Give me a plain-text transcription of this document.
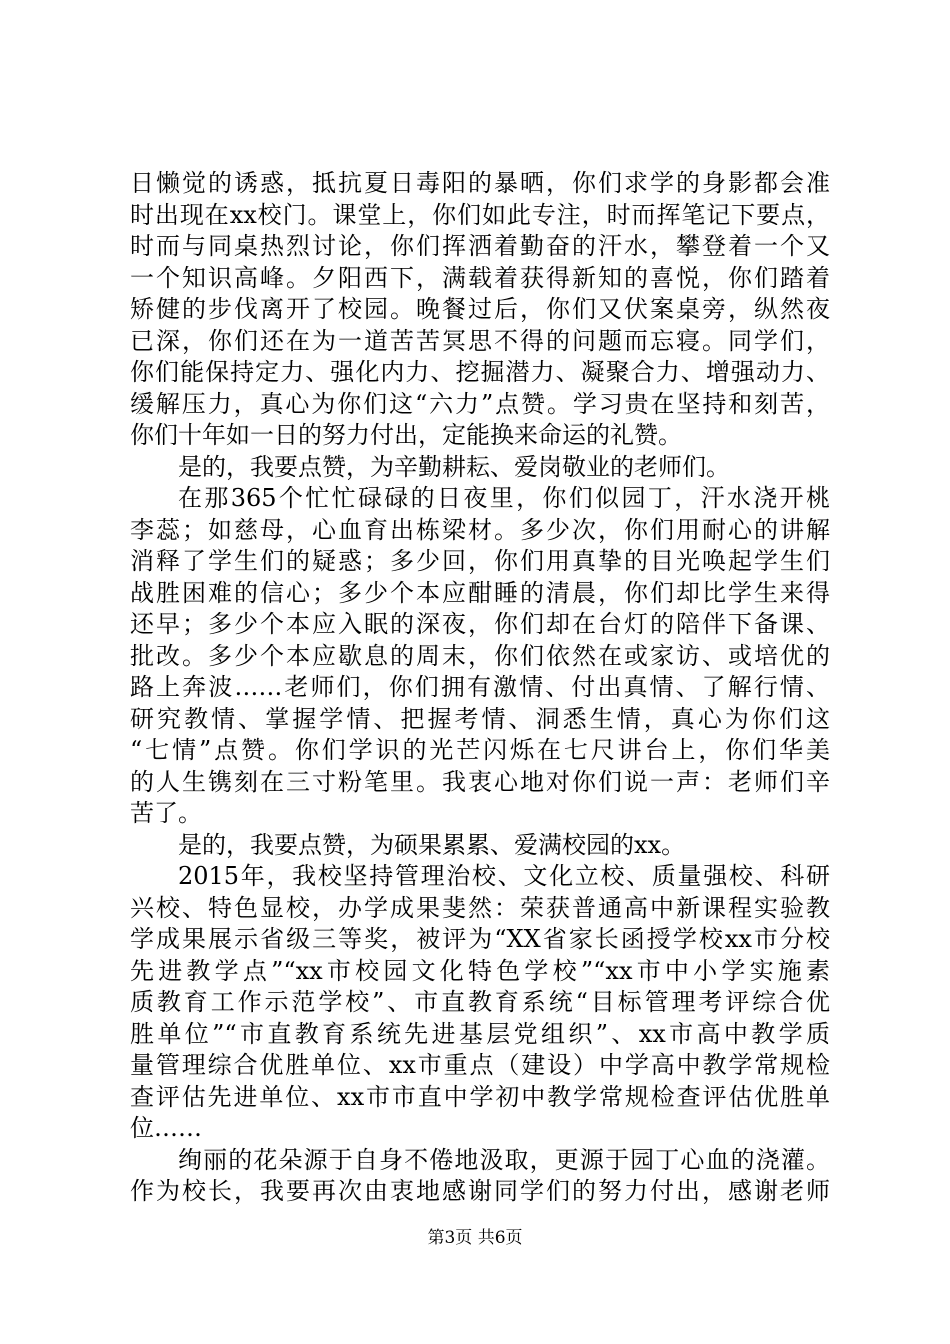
日懒觉的诱惑，抵抗夏日毒阳的暴晒，你们求学的身影都会准
时出现在xx校门。课堂上，你们如此专注，时而挥笔记下要点，
时而与同桌热烈讨论，你们挥洒着勤奋的汗水，攀登着一个又
一个知识高峰。夕阳西下，满载着获得新知的喜悦，你们踏着
矫健的步伐离开了校园。晚餐过后，你们又伏案桌旁，纵然夜
已深，你们还在为一道苦苦冥思不得的问题而忘寝。同学们，
你们能保持定力、强化内力、挖掘潜力、凝聚合力、增强动力、
缓解压力，真心为你们这“六力”点赞。学习贵在坚持和刻苦，
你们十年如一日的努力付出，定能换来命运的礼赞。
是的，我要点赞，为辛勤耕耘、爱岗敬业的老师们。
在那365个忙忙碌碌的日夜里，你们似园丁，汗水浇开桃
李蕊；如慈母，心血育出栋梁材。多少次，你们用耐心的讲解
消释了学生们的疑惑；多少回，你们用真挚的目光唤起学生们
战胜困难的信心；多少个本应酣睡的清晨，你们却比学生来得
还早；多少个本应入眠的深夜，你们却在台灯的陪伴下备课、
批改。多少个本应歇息的周末，你们依然在或家访、或培优的
路上奔波……老师们，你们拥有激情、付出真情、了解行情、
研究教情、掌握学情、把握考情、洞悉生情，真心为你们这
“七情”点赞。你们学识的光芒闪烁在七尺讲台上，你们华美
的人生镌刻在三寸粉笔里。我衷心地对你们说一声：老师们辛
苦了。
是的，我要点赞，为硕果累累、爱满校园的xx。
2015年，我校坚持管理治校、文化立校、质量强校、科研
兴校、特色显校，办学成果斐然：荣获普通高中新课程实验教
学成果展示省级三等奖，被评为“XX省家长函授学校xx市分校
先进教学点”“xx市校园文化特色学校”“xx市中小学实施素
质教育工作示范学校”、市直教育系统“目标管理考评综合优
胜单位”“市直教育系统先进基层党组织”、xx市高中教学质
量管理综合优胜单位、xx市重点（建设）中学高中教学常规检
查评估先进单位、xx市市直中学初中教学常规检查评估优胜单
位……
绚丽的花朵源于自身不倦地汲取，更源于园丁心血的浇灌。
作为校长，我要再次由衷地感谢同学们的努力付出，感谢老师
第3页 共6页
